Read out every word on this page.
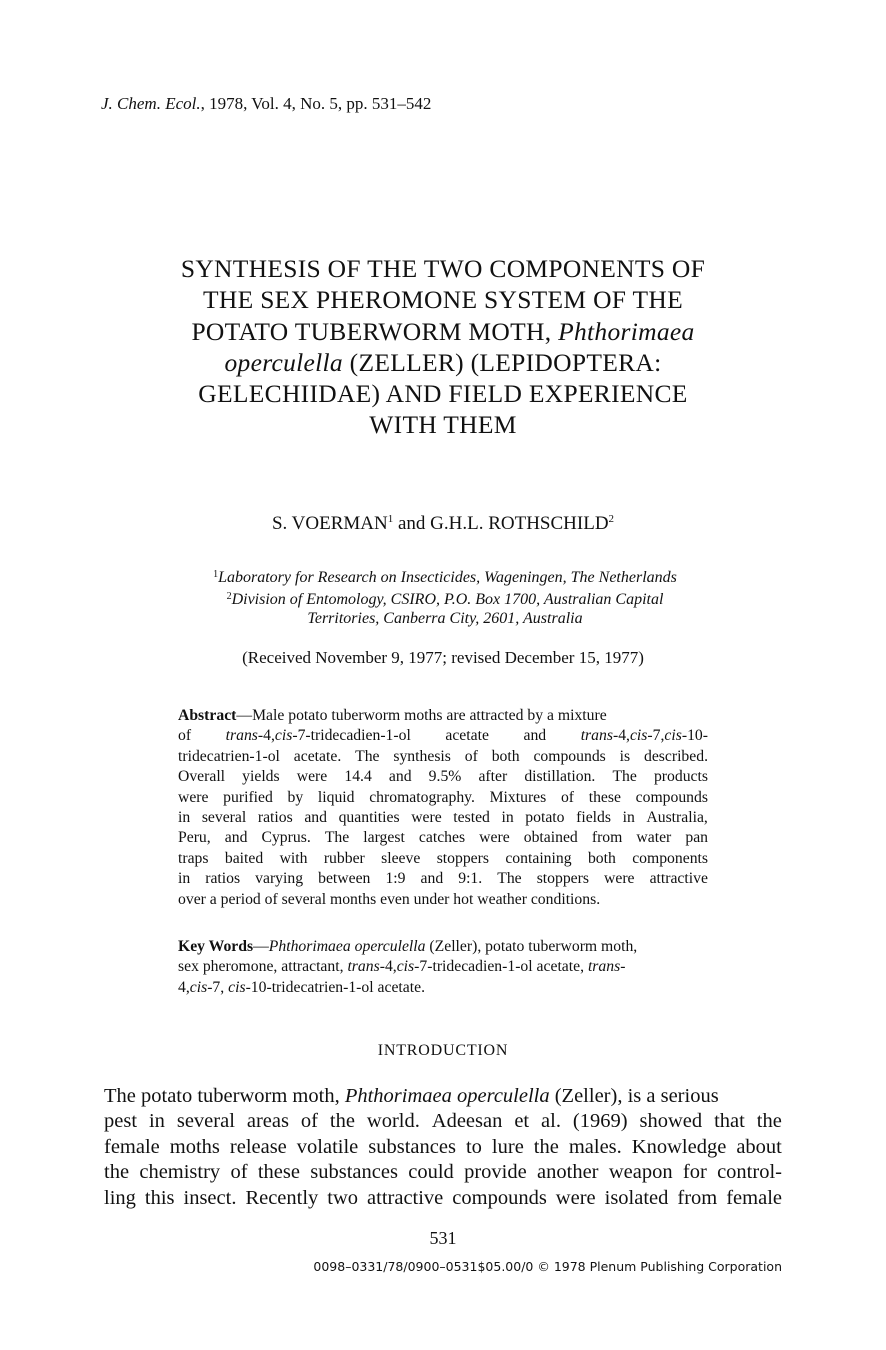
J. Chem. Ecol., 1978, Vol. 4, No. 5, pp. 531–542
SYNTHESIS OF THE TWO COMPONENTS OF
THE SEX PHEROMONE SYSTEM OF THE
POTATO TUBERWORM MOTH, Phthorimaea
operculella (ZELLER) (LEPIDOPTERA:
GELECHIIDAE) AND FIELD EXPERIENCE
WITH THEM
S. VOERMAN$^1$ and G.H.L. ROTHSCHILD$^2$
$^1$Laboratory for Research on Insecticides, Wageningen, The Netherlands
$^2$Division of Entomology, CSIRO, P.O. Box 1700, Australian Capital
Territories, Canberra City, 2601, Australia
(Received November 9, 1977; revised December 15, 1977)
Abstract—Male potato tuberworm moths are attracted by a mixture
of trans-4,cis-7-tridecadien-1-ol acetate and trans-4,cis-7,cis-10-
tridecatrien-1-ol acetate. The synthesis of both compounds is described.
Overall yields were 14.4 and 9.5% after distillation. The products
were purified by liquid chromatography. Mixtures of these compounds
in several ratios and quantities were tested in potato fields in Australia,
Peru, and Cyprus. The largest catches were obtained from water pan
traps baited with rubber sleeve stoppers containing both components
in ratios varying between 1:9 and 9:1. The stoppers were attractive
over a period of several months even under hot weather conditions.
Key Words—Phthorimaea operculella (Zeller), potato tuberworm moth,
sex pheromone, attractant, trans-4,cis-7-tridecadien-1-ol acetate, trans-
4,cis-7, cis-10-tridecatrien-1-ol acetate.
INTRODUCTION
The potato tuberworm moth, Phthorimaea operculella (Zeller), is a serious
pest in several areas of the world. Adeesan et al. (1969) showed that the
female moths release volatile substances to lure the males. Knowledge about
the chemistry of these substances could provide another weapon for control-
ling this insect. Recently two attractive compounds were isolated from female
531
0098–0331/78/0900–0531$05.00/0 © 1978 Plenum Publishing Corporation
